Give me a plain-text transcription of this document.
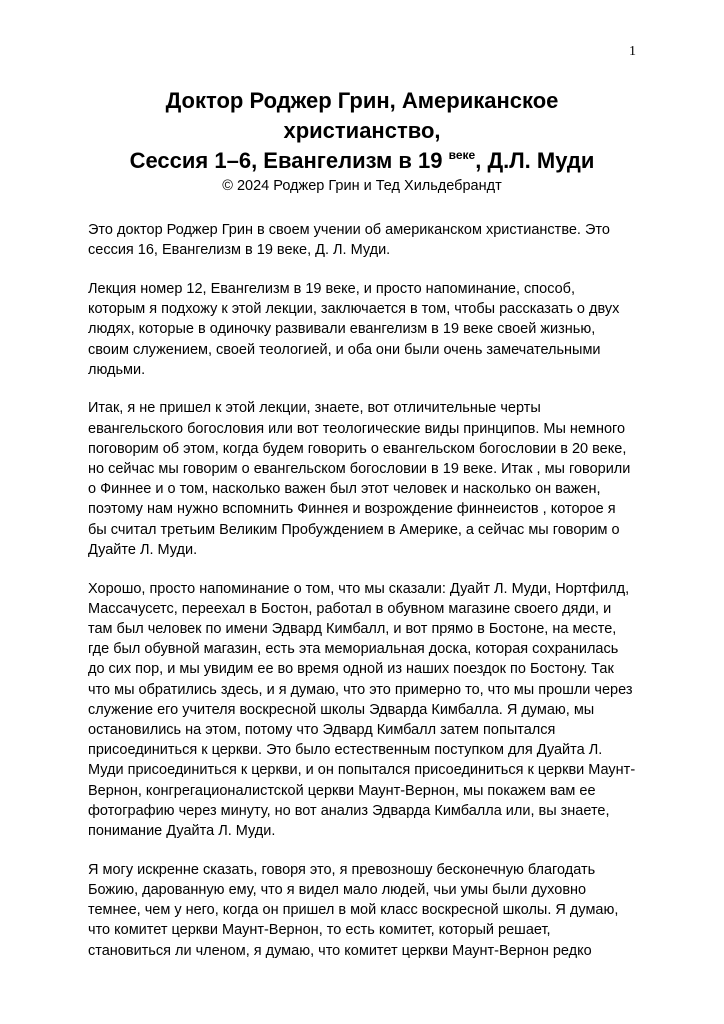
1
Доктор Роджер Грин, Американское
христианство,
Сессия 1–6, Евангелизм в 19 $^{веке}$, Д.Л. Муди
© 2024 Роджер Грин и Тед Хильдебрандт

Это доктор Роджер Грин в своем учении об американском христианстве. Это сессия 16, Евангелизм в 19 веке, Д. Л. Муди.

Лекция номер 12, Евангелизм в 19 веке, и просто напоминание, способ, которым я подхожу к этой лекции, заключается в том, чтобы рассказать о двух людях, которые в одиночку развивали евангелизм в 19 веке своей жизнью, своим служением, своей теологией, и оба они были очень замечательными людьми.

Итак, я не пришел к этой лекции, знаете, вот отличительные черты евангельского богословия или вот теологические виды принципов. Мы немного поговорим об этом, когда будем говорить о евангельском богословии в 20 веке, но сейчас мы говорим о евангельском богословии в 19 веке. Итак , мы говорили о Финнее и о том, насколько важен был этот человек и насколько он важен, поэтому нам нужно вспомнить Финнея и возрождение финнеистов , которое я бы считал третьим Великим Пробуждением в Америке, а сейчас мы говорим о Дуайте Л. Муди.

Хорошо, просто напоминание о том, что мы сказали: Дуайт Л. Муди, Нортфилд, Массачусетс, переехал в Бостон, работал в обувном магазине своего дяди, и там был человек по имени Эдвард Кимбалл, и вот прямо в Бостоне, на месте, где был обувной магазин, есть эта мемориальная доска, которая сохранилась до сих пор, и мы увидим ее во время одной из наших поездок по Бостону. Так что мы обратились здесь, и я думаю, что это примерно то, что мы прошли через служение его учителя воскресной школы Эдварда Кимбалла. Я думаю, мы остановились на этом, потому что Эдвард Кимбалл затем попытался присоединиться к церкви. Это было естественным поступком для Дуайта Л. Муди присоединиться к церкви, и он попытался присоединиться к церкви Маунт-Вернон, конгрегационалистской церкви Маунт-Вернон, мы покажем вам ее фотографию через минуту, но вот анализ Эдварда Кимбалла или, вы знаете, понимание Дуайта Л. Муди.

Я могу искренне сказать, говоря это, я превозношу бесконечную благодать Божию, дарованную ему, что я видел мало людей, чьи умы были духовно темнее, чем у него, когда он пришел в мой класс воскресной школы. Я думаю, что комитет церкви Маунт-Вернон, то есть комитет, который решает, становиться ли членом, я думаю, что комитет церкви Маунт-Вернон редко
